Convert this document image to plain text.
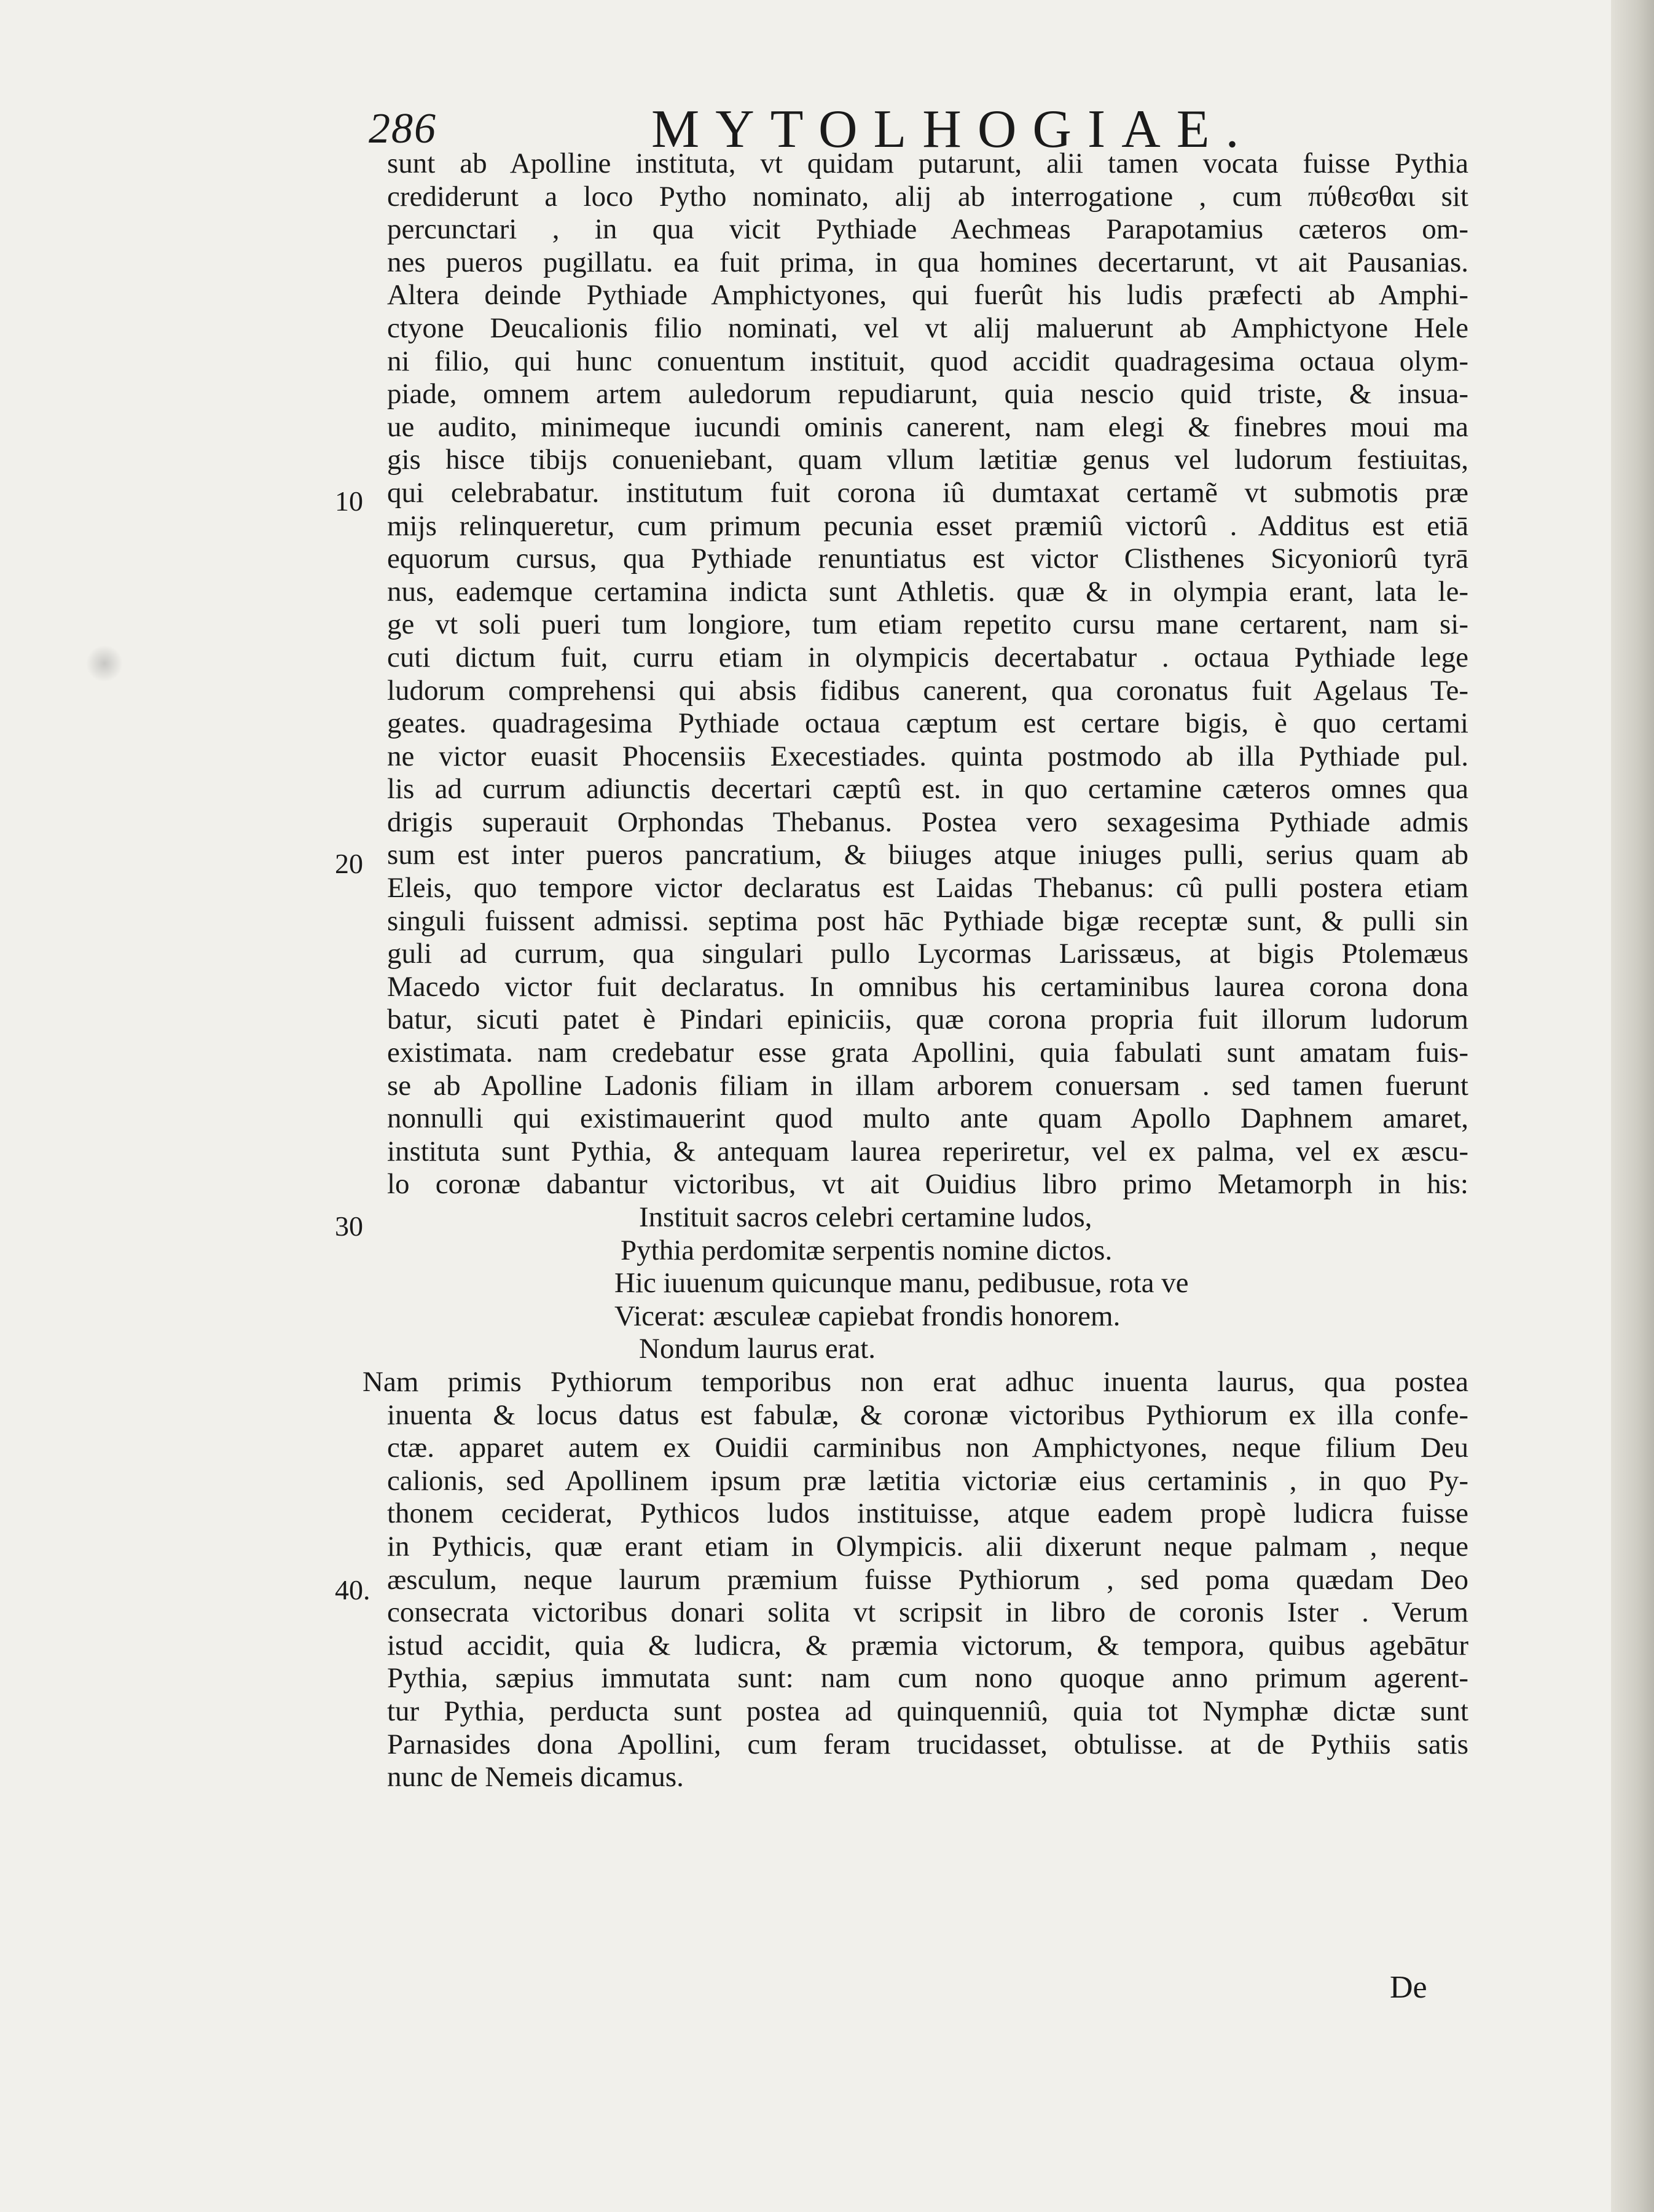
286	MYTOLHOGIAE.
10
20
30
40.
sunt ab Apolline instituta, vt quidam putarunt, alii tamen vocata fuisse Pythia
crediderunt a loco Pytho nominato, alij ab interrogatione , cum πύθεσθαι sit
percunctari , in qua vicit Pythiade Aechmeas Parapotamius cæteros om-
nes pueros pugillatu. ea fuit prima, in qua homines decertarunt, vt ait Pausanias.
Altera deinde Pythiade Amphictyones, qui fuerût his ludis præfecti ab Amphi-
ctyone Deucalionis filio nominati, vel vt alij maluerunt ab Amphictyone Hele
ni filio, qui hunc conuentum instituit, quod accidit quadragesima octaua olym-
piade, omnem artem auledorum repudiarunt, quia nescio quid triste, & insua-
ue audito, minimeque iucundi ominis canerent, nam elegi & finebres moui ma
gis hisce tibijs conueniebant, quam vllum lætitiæ genus vel ludorum festiuitas,
qui celebrabatur. institutum fuit corona iû dumtaxat certamẽ vt submotis præ
mijs relinqueretur, cum primum pecunia esset præmiû victorû . Additus est etiā
equorum cursus, qua Pythiade renuntiatus est victor Clisthenes Sicyoniorû tyrā
nus, eademque certamina indicta sunt Athletis. quæ & in olympia erant, lata le-
ge vt soli pueri tum longiore, tum etiam repetito cursu mane certarent, nam si-
cuti dictum fuit, curru etiam in olympicis decertabatur . octaua Pythiade lege
ludorum comprehensi qui absis fidibus canerent, qua coronatus fuit Agelaus Te-
geates. quadragesima Pythiade octaua cæptum est certare bigis, è quo certami
ne victor euasit Phocensiis Execestiades. quinta postmodo ab illa Pythiade pul.
lis ad currum adiunctis decertari cæptû est. in quo certamine cæteros omnes qua
drigis superauit Orphondas Thebanus. Postea vero sexagesima Pythiade admis
sum est inter pueros pancratium, & biiuges atque iniuges pulli, serius quam ab
Eleis, quo tempore victor declaratus est Laidas Thebanus: cû pulli postera etiam
singuli fuissent admissi. septima post hāc Pythiade bigæ receptæ sunt, & pulli sin
guli ad currum, qua singulari pullo Lycormas Larissæus, at bigis Ptolemæus
Macedo victor fuit declaratus. In omnibus his certaminibus laurea corona dona
batur, sicuti patet è Pindari epiniciis, quæ corona propria fuit illorum ludorum
existimata. nam credebatur esse grata Apollini, quia fabulati sunt amatam fuis-
se ab Apolline Ladonis filiam in illam arborem conuersam . sed tamen fuerunt
nonnulli qui existimauerint quod multo ante quam Apollo Daphnem amaret,
instituta sunt Pythia, & antequam laurea reperiretur, vel ex palma, vel ex æscu-
lo coronæ dabantur victoribus, vt ait Ouidius libro primo Metamorph in his:
Instituit sacros celebri certamine ludos,
Pythia perdomitæ serpentis nomine dictos.
Hic iuuenum quicunque manu, pedibusue, rota ve
Vicerat: æsculeæ capiebat frondis honorem.
Nondum laurus erat.
Nam primis Pythiorum temporibus non erat adhuc inuenta laurus, qua postea
inuenta & locus datus est fabulæ, & coronæ victoribus Pythiorum ex illa confe-
ctæ. apparet autem ex Ouidii carminibus non Amphictyones, neque filium Deu
calionis, sed Apollinem ipsum præ lætitia victoriæ eius certaminis , in quo Py-
thonem ceciderat, Pythicos ludos instituisse, atque eadem propè ludicra fuisse
in Pythicis, quæ erant etiam in Olympicis. alii dixerunt neque palmam , neque
æsculum, neque laurum præmium fuisse Pythiorum , sed poma quædam Deo
consecrata victoribus donari solita vt scripsit in libro de coronis Ister . Verum
istud accidit, quia & ludicra, & præmia victorum, & tempora, quibus agebātur
Pythia, sæpius immutata sunt: nam cum nono quoque anno primum agerent-
tur Pythia, perducta sunt postea ad quinquenniû, quia tot Nymphæ dictæ sunt
Parnasides dona Apollini, cum feram trucidasset, obtulisse. at de Pythiis satis
nunc de Nemeis dicamus.
De
